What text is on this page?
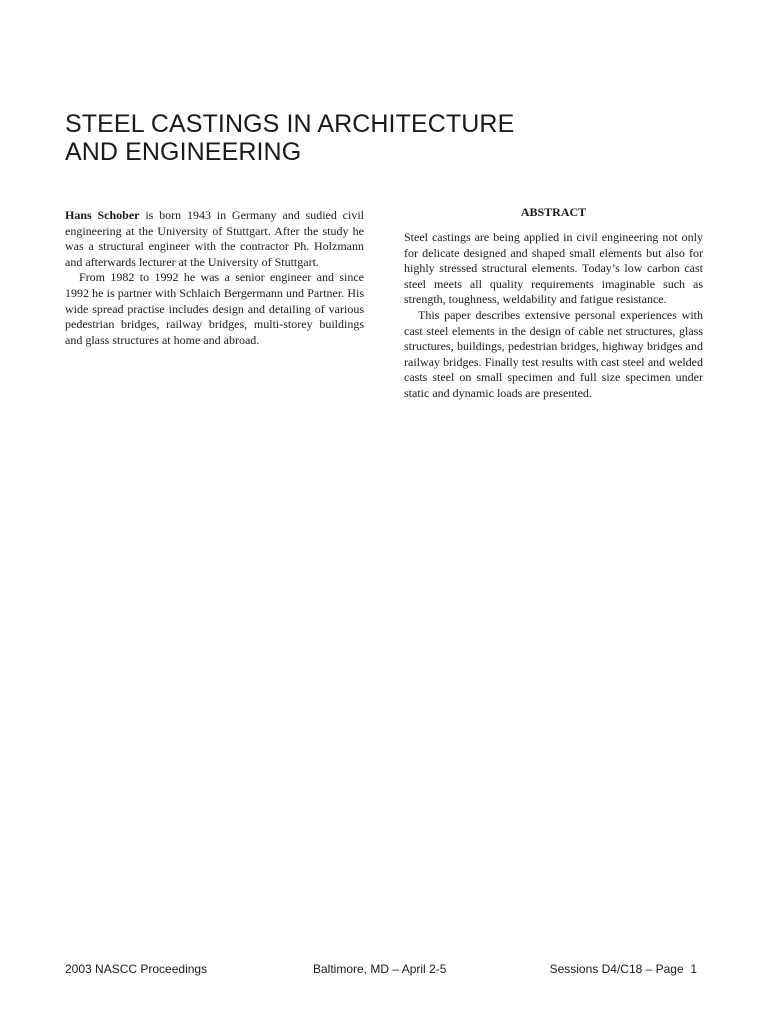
STEEL CASTINGS IN ARCHITECTURE
AND ENGINEERING

Hans Schober is born 1943 in Germany and sudied civil engineering at the University of Stuttgart. After the study he was a structural engineer with the contractor Ph. Holzmann and afterwards lecturer at the University of Stuttgart.

From 1982 to 1992 he was a senior engineer and since 1992 he is partner with Schlaich Bergermann und Partner. His wide spread practise includes design and detailing of various pedestrian bridges, railway bridges, multi-storey buildings and glass structures at home and abroad.

ABSTRACT

Steel castings are being applied in civil engineering not only for delicate designed and shaped small elements but also for highly stressed structural elements. Today’s low carbon cast steel meets all quality requirements imaginable such as strength, toughness, weldability and fatigue resistance.

This paper describes extensive personal experiences with cast steel elements in the design of cable net structures, glass structures, buildings, pedestrian bridges, highway bridges and railway bridges. Finally test results with cast steel and welded casts steel on small specimen and full size specimen under static and dynamic loads are presented.

2003 NASCC Proceedings	Baltimore, MD – April 2-5	Sessions D4/C18 – Page  1
